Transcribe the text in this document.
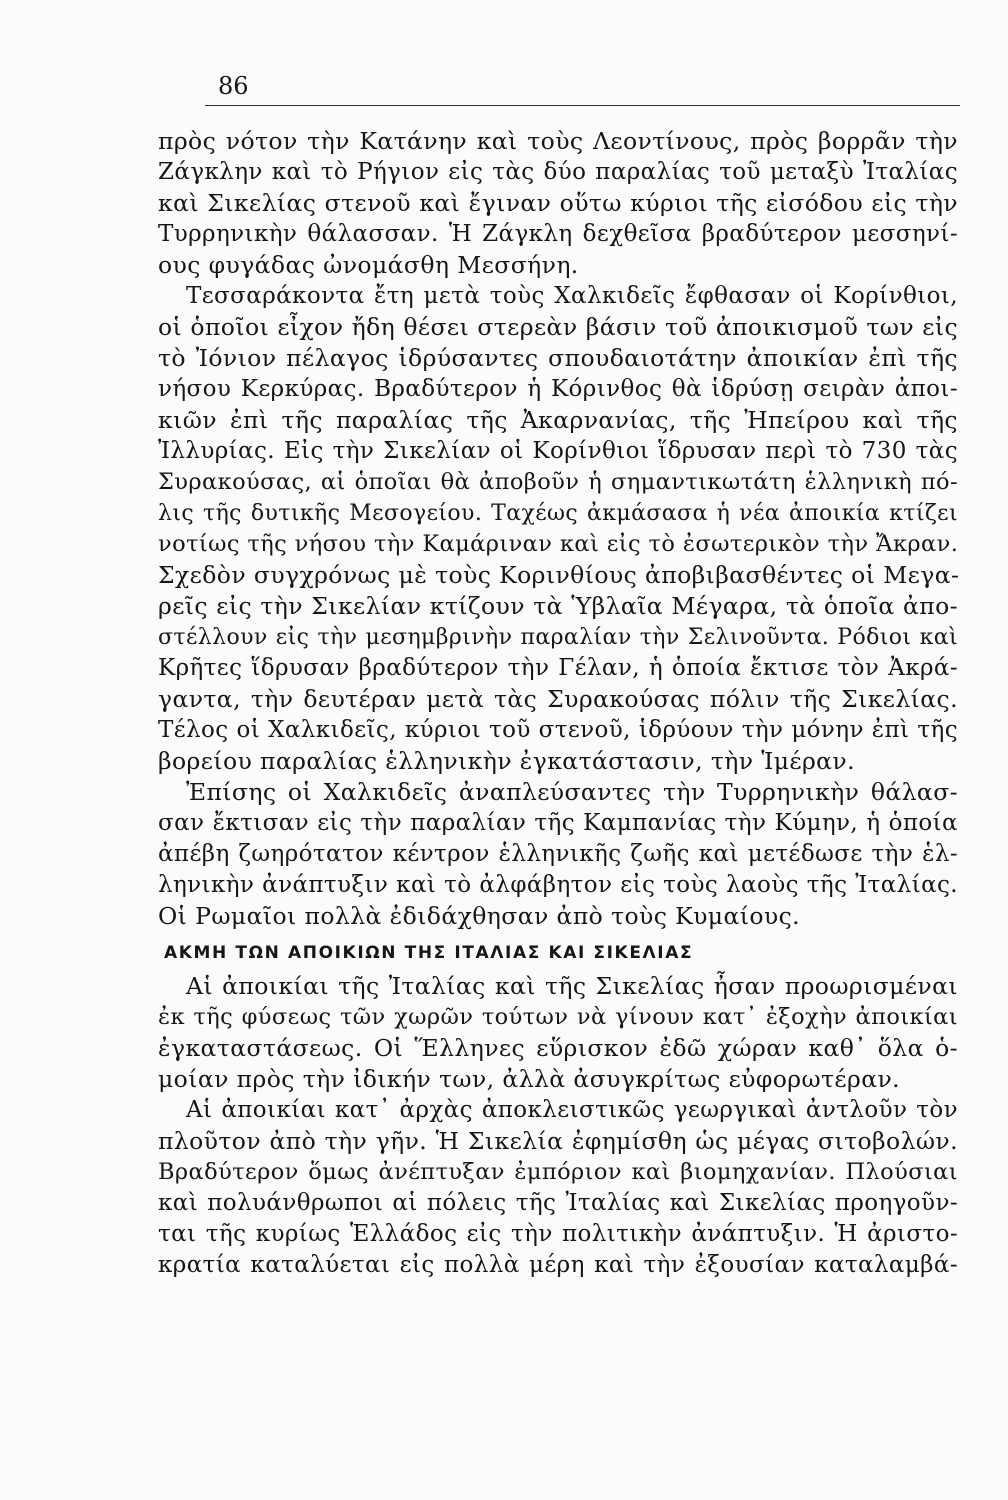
86

πρὸς νότον τὴν Κατάνην καὶ τοὺς Λεοντίνους, πρὸς βορρᾶν τὴν
Ζάγκλην καὶ τὸ Ρήγιον εἰς τὰς δύο παραλίας τοῦ μεταξὺ Ἰταλίας
καὶ Σικελίας στενοῦ καὶ ἔγιναν οὕτω κύριοι τῆς εἰσόδου εἰς τὴν
Τυρρηνικὴν θάλασσαν. Ἡ Ζάγκλη δεχθεῖσα βραδύτερον μεσσηνί-
ους φυγάδας ὠνομάσθη Μεσσήνη.
Τεσσαράκοντα ἔτη μετὰ τοὺς Χαλκιδεῖς ἔφθασαν οἱ Κορίνθιοι,
οἱ ὁποῖοι εἶχον ἤδη θέσει στερεὰν βάσιν τοῦ ἀποικισμοῦ των εἰς
τὸ Ἰόνιον πέλαγος ἱδρύσαντες σπουδαιοτάτην ἀποικίαν ἐπὶ τῆς
νήσου Κερκύρας. Βραδύτερον ἡ Κόρινθος θὰ ἱδρύσῃ σειρὰν ἀποι-
κιῶν ἐπὶ τῆς παραλίας τῆς Ἀκαρνανίας, τῆς Ἠπείρου καὶ τῆς
Ἰλλυρίας. Εἰς τὴν Σικελίαν οἱ Κορίνθιοι ἵδρυσαν περὶ τὸ 730 τὰς
Συρακούσας, αἱ ὁποῖαι θὰ ἀποβοῦν ἡ σημαντικωτάτη ἑλληνικὴ πό-
λις τῆς δυτικῆς Μεσογείου. Ταχέως ἀκμάσασα ἡ νέα ἀποικία κτίζει
νοτίως τῆς νήσου τὴν Καμάριναν καὶ εἰς τὸ ἐσωτερικὸν τὴν Ἄκραν.
Σχεδὸν συγχρόνως μὲ τοὺς Κορινθίους ἀποβιβασθέντες οἱ Μεγα-
ρεῖς εἰς τὴν Σικελίαν κτίζουν τὰ Ὑβλαῖα Μέγαρα, τὰ ὁποῖα ἀπο-
στέλλουν εἰς τὴν μεσημβρινὴν παραλίαν τὴν Σελινοῦντα. Ρόδιοι καὶ
Κρῆτες ἵδρυσαν βραδύτερον τὴν Γέλαν, ἡ ὁποία ἔκτισε τὸν Ἀκρά-
γαντα, τὴν δευτέραν μετὰ τὰς Συρακούσας πόλιν τῆς Σικελίας.
Τέλος οἱ Χαλκιδεῖς, κύριοι τοῦ στενοῦ, ἱδρύουν τὴν μόνην ἐπὶ τῆς
βορείου παραλίας ἑλληνικὴν ἐγκατάστασιν, τὴν Ἱμέραν.
Ἐπίσης οἱ Χαλκιδεῖς ἀναπλεύσαντες τὴν Τυρρηνικὴν θάλασ-
σαν ἔκτισαν εἰς τὴν παραλίαν τῆς Καμπανίας τὴν Κύμην, ἡ ὁποία
ἀπέβη ζωηρότατον κέντρον ἑλληνικῆς ζωῆς καὶ μετέδωσε τὴν ἑλ-
ληνικὴν ἀνάπτυξιν καὶ τὸ ἀλφάβητον εἰς τοὺς λαοὺς τῆς Ἰταλίας.
Οἱ Ρωμαῖοι πολλὰ ἐδιδάχθησαν ἀπὸ τοὺς Κυμαίους.
ΑΚΜΗ ΤΩΝ ΑΠΟΙΚΙΩΝ ΤΗΣ ΙΤΑΛΙΑΣ ΚΑΙ ΣΙΚΕΛΙΑΣ
Αἱ ἀποικίαι τῆς Ἰταλίας καὶ τῆς Σικελίας ἦσαν προωρισμέναι
ἐκ τῆς φύσεως τῶν χωρῶν τούτων νὰ γίνουν κατ᾽ ἐξοχὴν ἀποικίαι
ἐγκαταστάσεως. Οἱ Ἕλληνες εὕρισκον ἐδῶ χώραν καθ᾽ ὅλα ὁ-
μοίαν πρὸς τὴν ἰδικήν των, ἀλλὰ ἀσυγκρίτως εὐφορωτέραν.
Αἱ ἀποικίαι κατ᾽ ἀρχὰς ἀποκλειστικῶς γεωργικαὶ ἀντλοῦν τὸν
πλοῦτον ἀπὸ τὴν γῆν. Ἡ Σικελία ἐφημίσθη ὡς μέγας σιτοβολών.
Βραδύτερον ὅμως ἀνέπτυξαν ἐμπόριον καὶ βιομηχανίαν. Πλούσιαι
καὶ πολυάνθρωποι αἱ πόλεις τῆς Ἰταλίας καὶ Σικελίας προηγοῦν-
ται τῆς κυρίως Ἑλλάδος εἰς τὴν πολιτικὴν ἀνάπτυξιν. Ἡ ἀριστο-
κρατία καταλύεται εἰς πολλὰ μέρη καὶ τὴν ἐξουσίαν καταλαμβά-
